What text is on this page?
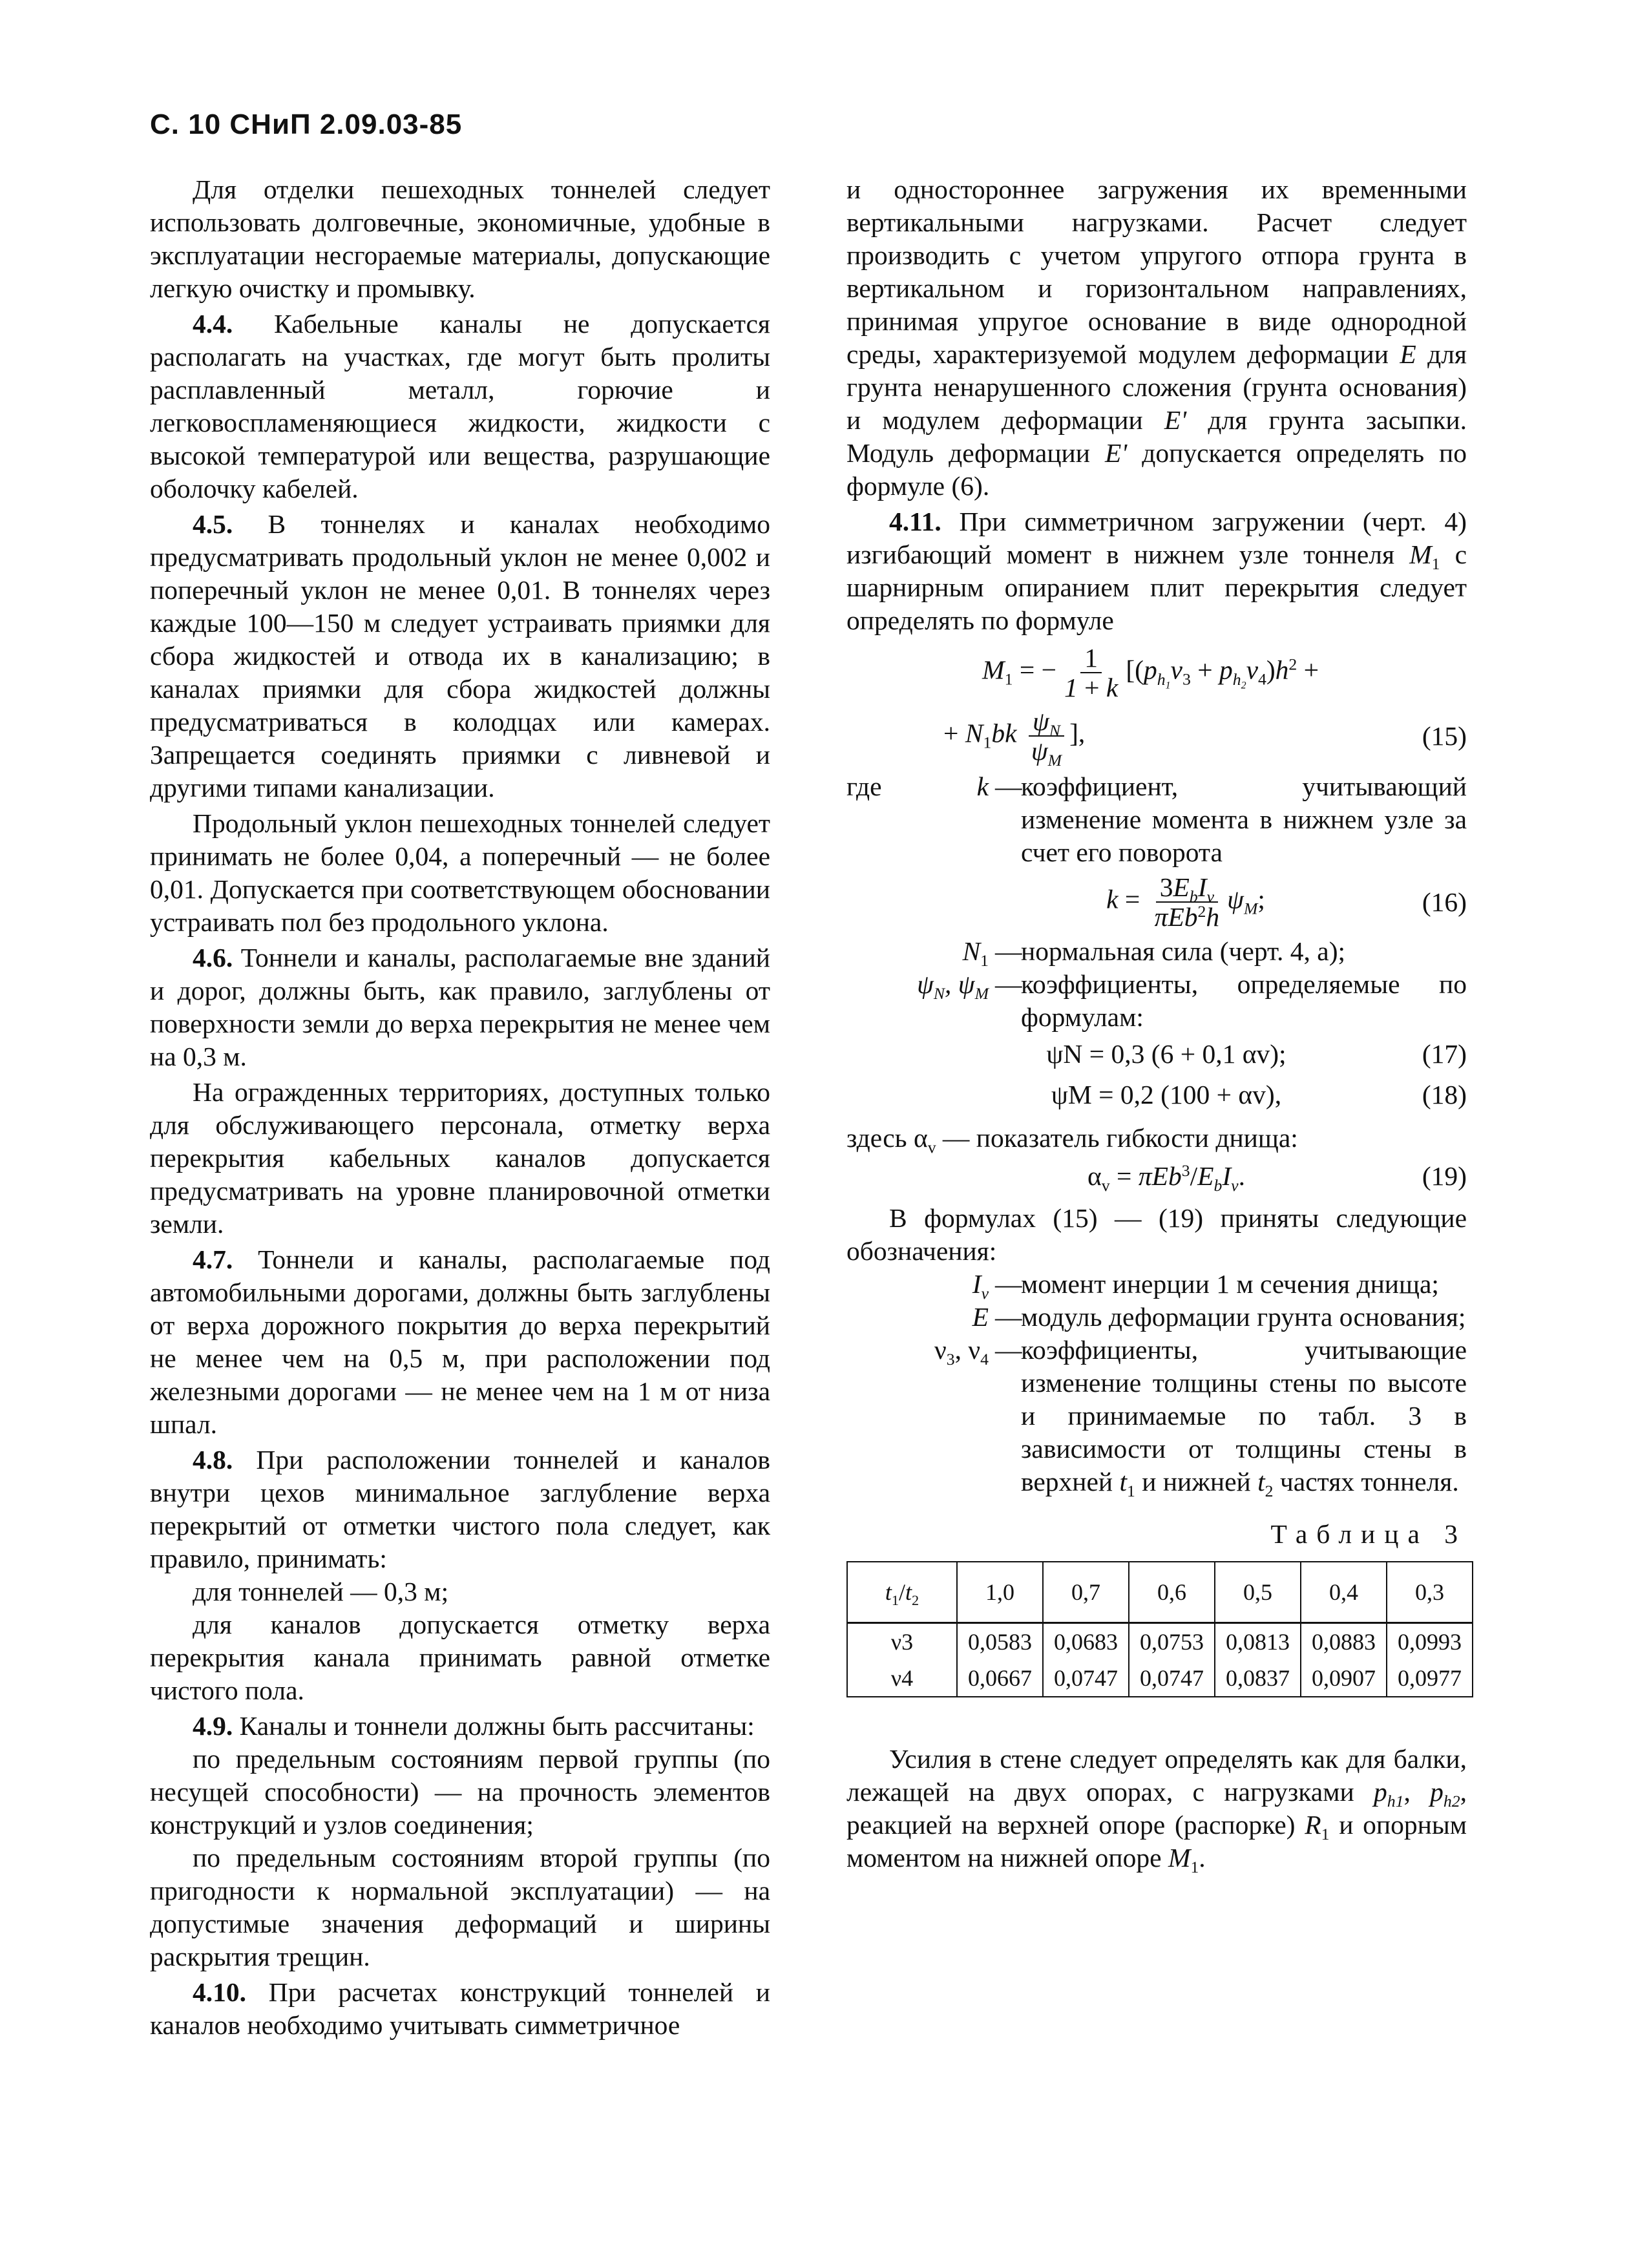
С. 10 СНиП 2.09.03-85

Для отделки пешеходных тоннелей следует использовать долговечные, экономичные, удобные в эксплуатации несгораемые материалы, допускающие легкую очистку и промывку.

4.4. Кабельные каналы не допускается располагать на участках, где могут быть пролиты расплавленный металл, горючие и легковоспламеняющиеся жидкости, жидкости с высокой температурой или вещества, разрушающие оболочку кабелей.

4.5. В тоннелях и каналах необходимо предусматривать продольный уклон не менее 0,002 и поперечный уклон не менее 0,01. В тоннелях через каждые 100—150 м следует устраивать приямки для сбора жидкостей и отвода их в канализацию; в каналах приямки для сбора жидкостей должны предусматриваться в колодцах или камерах. Запрещается соединять приямки с ливневой и другими типами канализации.

Продольный уклон пешеходных тоннелей следует принимать не более 0,04, а поперечный — не более 0,01. Допускается при соответствующем обосновании устраивать пол без продольного уклона.

4.6. Тоннели и каналы, располагаемые вне зданий и дорог, должны быть, как правило, заглублены от поверхности земли до верха перекрытия не менее чем на 0,3 м.

На огражденных территориях, доступных только для обслуживающего персонала, отметку верха перекрытия кабельных каналов допускается предусматривать на уровне планировочной отметки земли.

4.7. Тоннели и каналы, располагаемые под автомобильными дорогами, должны быть заглублены от верха дорожного покрытия до верха перекрытий не менее чем на 0,5 м, при расположении под железными дорогами — не менее чем на 1 м от низа шпал.

4.8. При расположении тоннелей и каналов внутри цехов минимальное заглубление верха перекрытий от отметки чистого пола следует, как правило, принимать:

для тоннелей — 0,3 м;

для каналов допускается отметку верха перекрытия канала принимать равной отметке чистого пола.

4.9. Каналы и тоннели должны быть рассчитаны:

по предельным состояниям первой группы (по несущей способности) — на прочность элементов конструкций и узлов соединения;

по предельным состояниям второй группы (по пригодности к нормальной эксплуатации) — на допустимые значения деформаций и ширины раскрытия трещин.

4.10. При расчетах конструкций тоннелей и каналов необходимо учитывать симметричное

и одностороннее загружения их временными вертикальными нагрузками. Расчет следует производить с учетом упругого отпора грунта в вертикальном и горизонтальном направлениях, принимая упругое основание в виде однородной среды, характеризуемой модулем деформации E для грунта ненарушенного сложения (грунта основания) и модулем деформации E' для грунта засыпки. Модуль деформации E' допускается определять по формуле (6).

4.11. При симметричном загружении (черт. 4) изгибающий момент в нижнем узле тоннеля $M_1$ с шарнирным опиранием плит перекрытия следует определять по формуле

$M_1$ = − $\frac{1}{1 + k} [(p_{h_1}\nu_3 + p_{h_2}\nu_4)h^2$ +
+ $N_1bk \frac{\psi_N}{\psi_M}$ ],	(15)
где	k —
коэффициент, учитывающий изменение момента в нижнем узле за счет его поворота
$k = \frac{3E_bI_v}{\pi Eb^2h} \psi_M$;	(16)
$N_1$ —
нормальная сила (черт. 4, а);
$\psi_N$, $\psi_M$ —
коэффициенты, определяемые по формулам:
ψN = 0,3 (6 + 0,1 αv);	(17)
ψM = 0,2 (100 + αv),	(18)

здесь $\alpha_v$ — показатель гибкости днища:

$\alpha_v = \pi Eb^3/E_bI_v$.	(19)

В формулах (15) — (19) приняты следующие обозначения:

$I_v$ —
момент инерции 1 м сечения днища;
E —
модуль деформации грунта основания;
$\nu_3$, $\nu_4$ —
коэффициенты, учитывающие изменение толщины стены по высоте и принимаемые по табл. 3 в зависимости от толщины стены в верхней $t_1$ и нижней $t_2$ частях тоннеля.

Таблица 3

$t_1/t_2$	1,0	0,7	0,6	0,5	0,4	0,3
ν3	0,0583	0,0683	0,0753	0,0813	0,0883	0,0993
ν4	0,0667	0,0747	0,0747	0,0837	0,0907	0,0977

Усилия в стене следует определять как для балки, лежащей на двух опорах, с нагрузками $p_{h1}$, $p_{h2}$, реакцией на верхней опоре (распорке) $R_1$ и опорным моментом на нижней опоре $M_1$.
